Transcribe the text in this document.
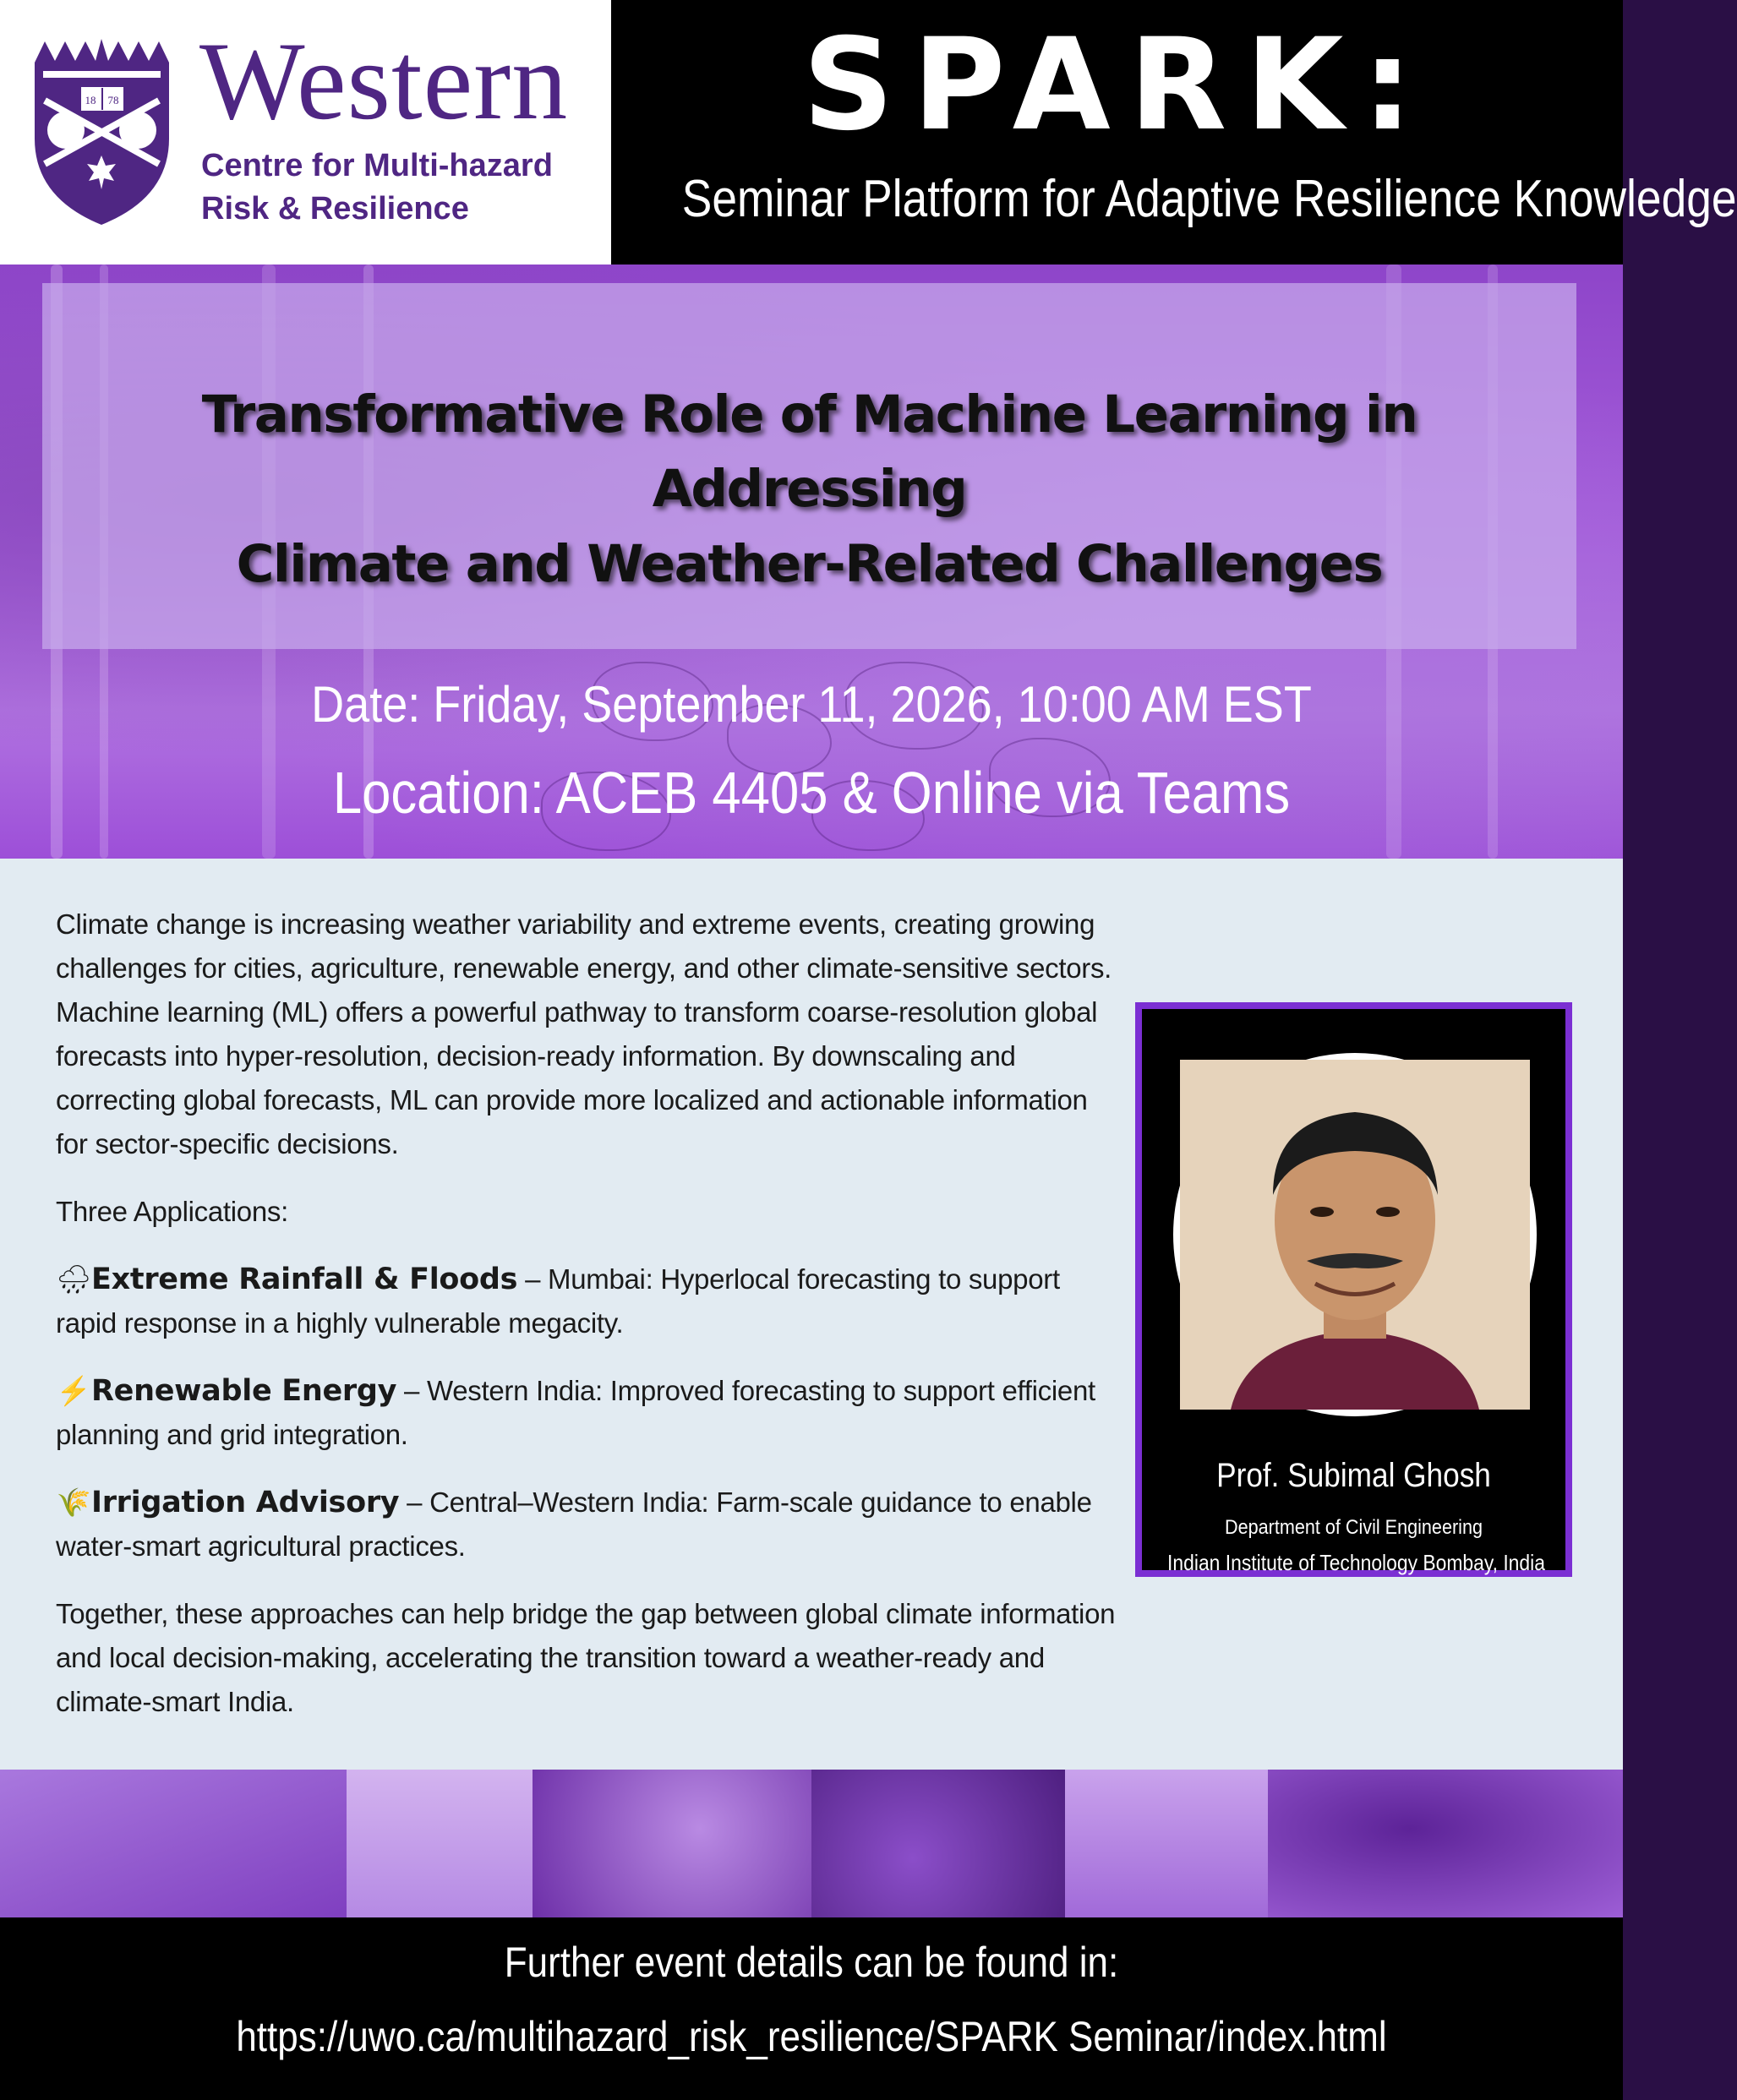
18 78 Western
Centre for Multi-hazard
Risk & Resilience
SPARK:
Seminar Platform for Adaptive Resilience Knowledge
Transformative Role of Machine Learning in Addressing
Climate and Weather-Related Challenges
Date: Friday, September 11, 2026, 10:00 AM EST
Location: ACEB 4405 & Online via Teams

Climate change is increasing weather variability and extreme events, creating growing challenges for cities, agriculture, renewable energy, and other climate-sensitive sectors. Machine learning (ML) offers a powerful pathway to transform coarse-resolution global forecasts into hyper-resolution, decision-ready information. By downscaling and correcting global forecasts, ML can provide more localized and actionable information for sector-specific decisions.

Three Applications:

🌧Extreme Rainfall & Floods – Mumbai: Hyperlocal forecasting to support rapid response in a highly vulnerable megacity.

⚡Renewable Energy – Western India: Improved forecasting to support efficient planning and grid integration.

🌾Irrigation Advisory – Central–Western India: Farm-scale guidance to enable water-smart agricultural practices.

Together, these approaches can help bridge the gap between global climate information and local decision-making, accelerating the transition toward a weather-ready and climate-smart India.

Prof. Subimal Ghosh
Department of Civil Engineering
Indian Institute of Technology Bombay, India
Further event details can be found in:
https://uwo.ca/multihazard_risk_resilience/SPARK Seminar/index.html
